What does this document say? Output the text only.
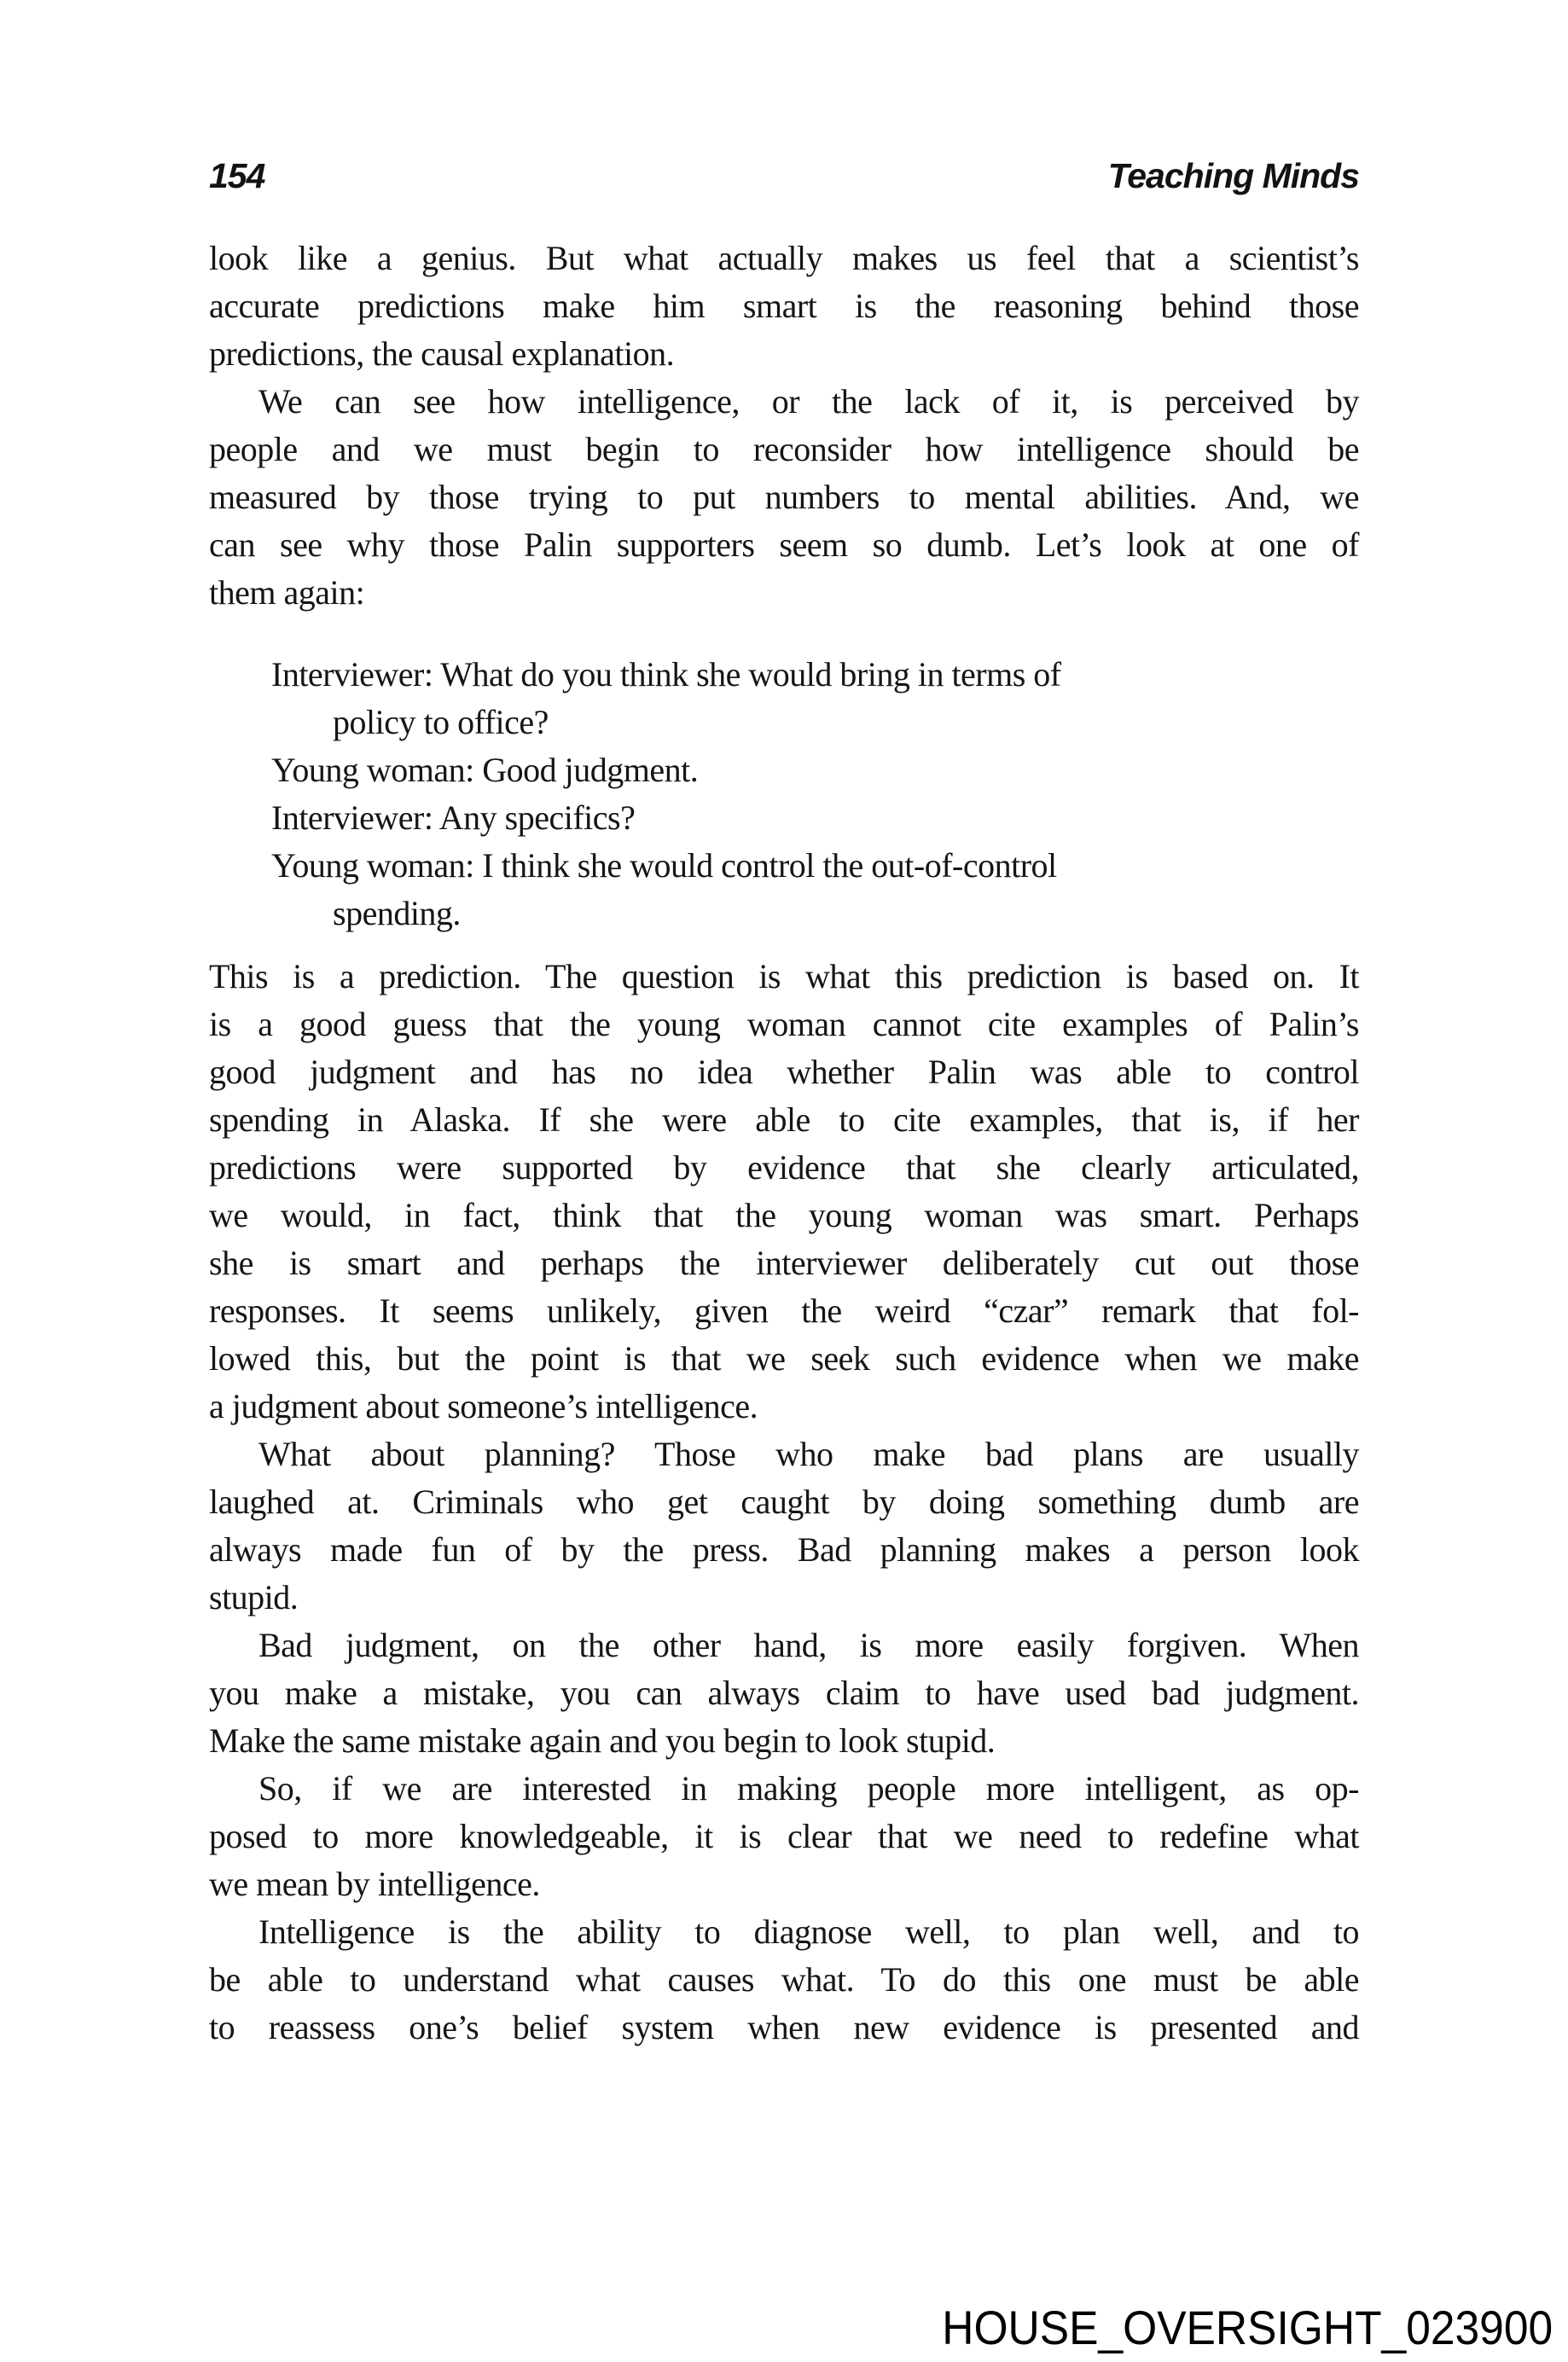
154	Teaching Minds
look like a genius. But what actually makes us feel that a scientist’s
accurate predictions make him smart is the reasoning behind those
predictions, the causal explanation.
We can see how intelligence, or the lack of it, is perceived by
people and we must begin to reconsider how intelligence should be
measured by those trying to put numbers to mental abilities. And, we
can see why those Palin supporters seem so dumb. Let’s look at one of
them again:
Interviewer: What do you think she would bring in terms of
policy to office?
Young woman: Good judgment.
Interviewer: Any specifics?
Young woman: I think she would control the out-of-control
spending.
This is a prediction. The question is what this prediction is based on. It
is a good guess that the young woman cannot cite examples of Palin’s
good judgment and has no idea whether Palin was able to control
spending in Alaska. If she were able to cite examples, that is, if her
predictions were supported by evidence that she clearly articulated,
we would, in fact, think that the young woman was smart. Perhaps
she is smart and perhaps the interviewer deliberately cut out those
responses. It seems unlikely, given the weird “czar” remark that fol-
lowed this, but the point is that we seek such evidence when we make
a judgment about someone’s intelligence.
What about planning? Those who make bad plans are usually
laughed at. Criminals who get caught by doing something dumb are
always made fun of by the press. Bad planning makes a person look
stupid.
Bad judgment, on the other hand, is more easily forgiven. When
you make a mistake, you can always claim to have used bad judgment.
Make the same mistake again and you begin to look stupid.
So, if we are interested in making people more intelligent, as op-
posed to more knowledgeable, it is clear that we need to redefine what
we mean by intelligence.
Intelligence is the ability to diagnose well, to plan well, and to
be able to understand what causes what. To do this one must be able
to reassess one’s belief system when new evidence is presented and
HOUSE_OVERSIGHT_023900
